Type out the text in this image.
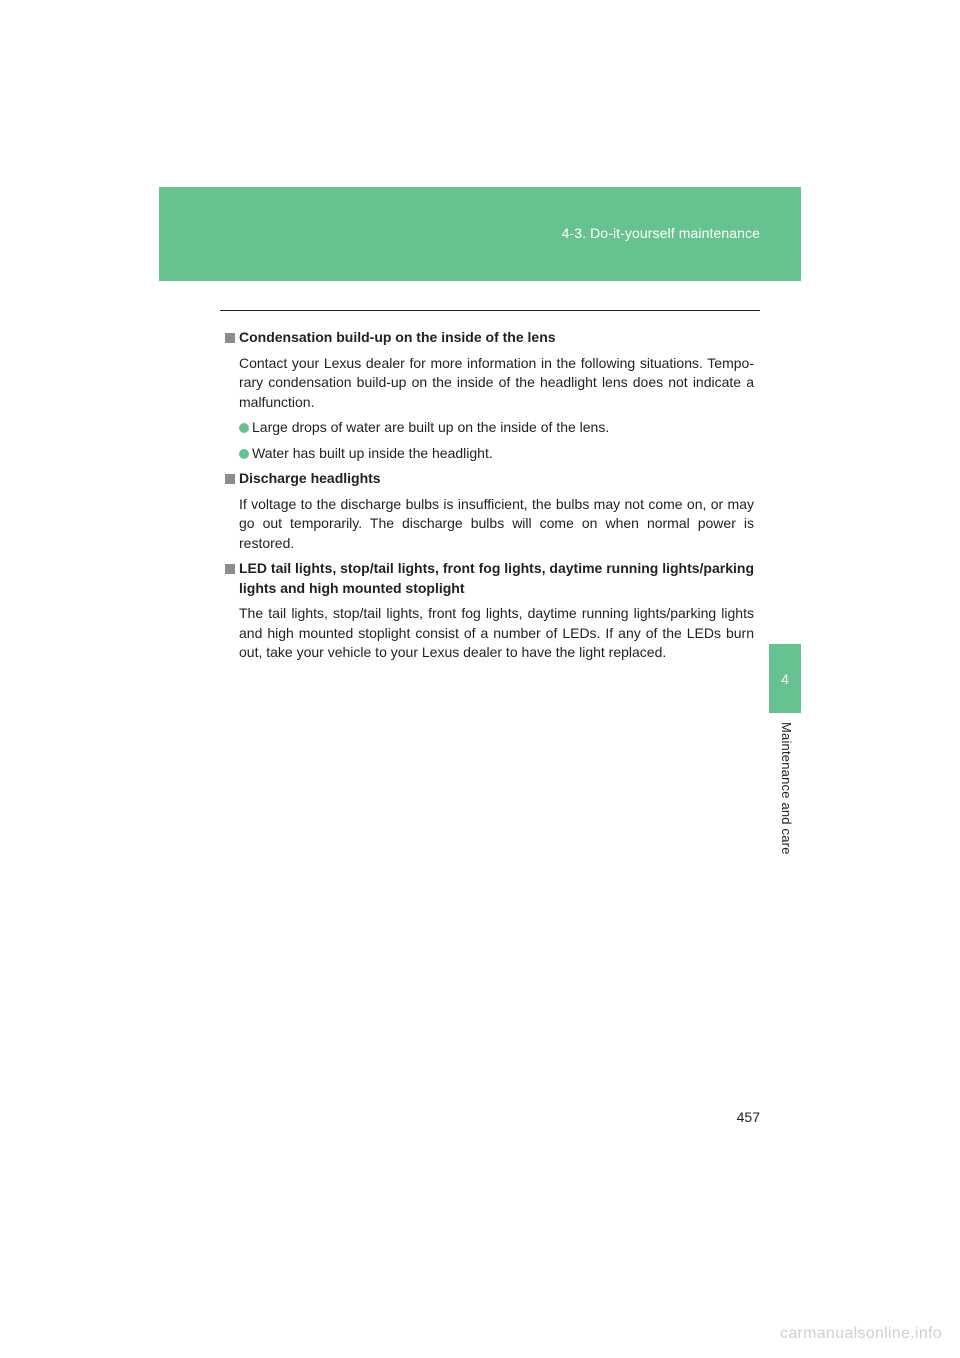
4-3. Do-it-yourself maintenance
4
Maintenance and care
Condensation build-up on the inside of the lens

Contact your Lexus dealer for more information in the following situations. Temporary condensation build-up on the inside of the headlight lens does not indicate a malfunction.

Large drops of water are built up on the inside of the lens.
Water has built up inside the headlight.
Discharge headlights

If voltage to the discharge bulbs is insufficient, the bulbs may not come on, or may go out temporarily. The discharge bulbs will come on when normal power is restored.

LED tail lights, stop/tail lights, front fog lights, daytime running lights/parking lights and high mounted stoplight

The tail lights, stop/tail lights, front fog lights, daytime running lights/parking lights and high mounted stoplight consist of a number of LEDs. If any of the LEDs burn out, take your vehicle to your Lexus dealer to have the light replaced.

457
carmanualsonline.info
